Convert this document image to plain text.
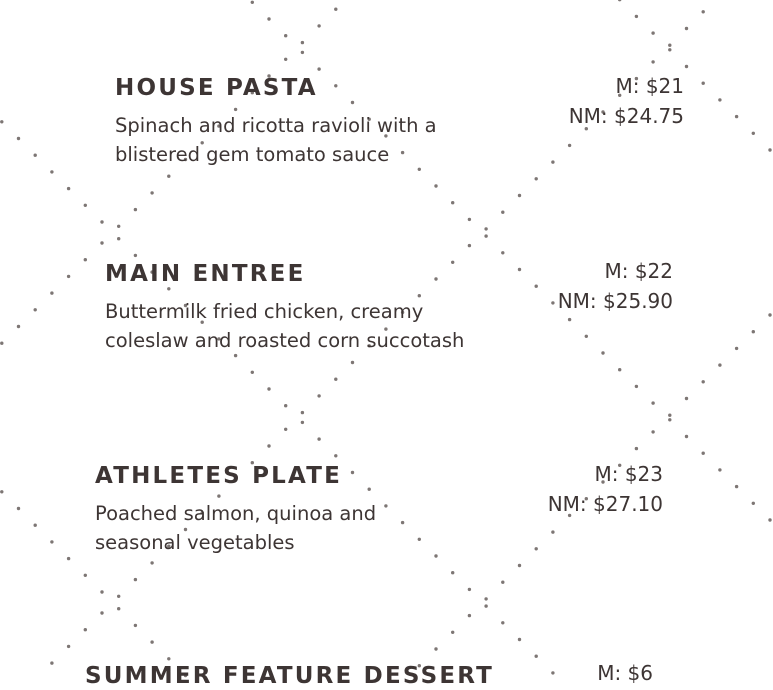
HOUSE PASTA
Spinach and ricotta ravioli with a
blistered gem tomato sauce
M: $21
NM: $24.75
MAIN ENTREE
Buttermilk fried chicken, creamy
coleslaw and roasted corn succotash
M: $22
NM: $25.90
ATHLETES PLATE
Poached salmon, quinoa and
seasonal vegetables
M: $23
NM: $27.10
SUMMER FEATURE DESSERT	M: $6
